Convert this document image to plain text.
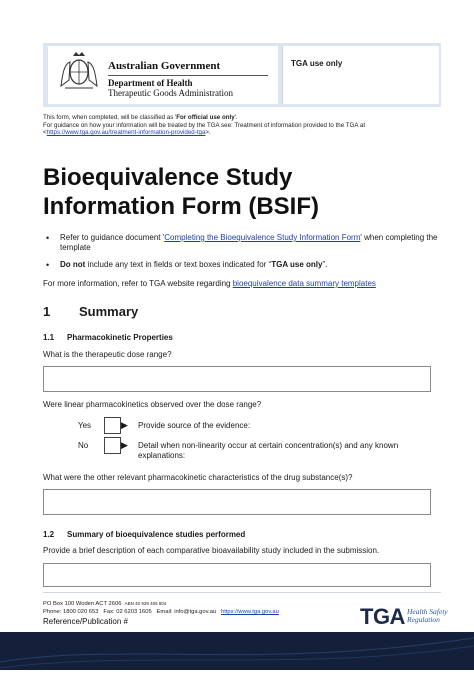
Australian Government
Department of Health
Therapeutic Goods Administration
TGA use only
This form, when completed, will be classified as 'For official use only'.
For guidance on how your information will be treated by the TGA see: Treatment of information provided to the TGA at
<https://www.tga.gov.au/treatment-information-provided-tga>.
Bioequivalence Study
Information Form (BSIF)
• Refer to guidance document 'Completing the Bioequivalence Study Information Form' when completing the template
• Do not include any text in fields or text boxes indicated for “TGA use only”.
For more information, refer to TGA website regarding bioequivalence data summary templates
1 Summary
1.1 Pharmacokinetic Properties
What is the therapeutic dose range?
Were linear pharmacokinetics observed over the dose range?
Yes	▶ Provide source of the evidence:
No	▶ Detail when non-linearity occur at certain concentration(s) and any known explanations:
What were the other relevant pharmacokinetic characteristics of the drug substance(s)?
1.2 Summary of bioequivalence studies performed
Provide a brief description of each comparative bioavailability study included in the submission.
PO Box 100 Woden ACT 2606 ABN 40 939 406 804
Phone: 1800 020 653 Fax: 02 6203 1605 Email: info@tga.gov.au https://www.tga.gov.au
Reference/Publication #	TGA Health Safety
Regulation
